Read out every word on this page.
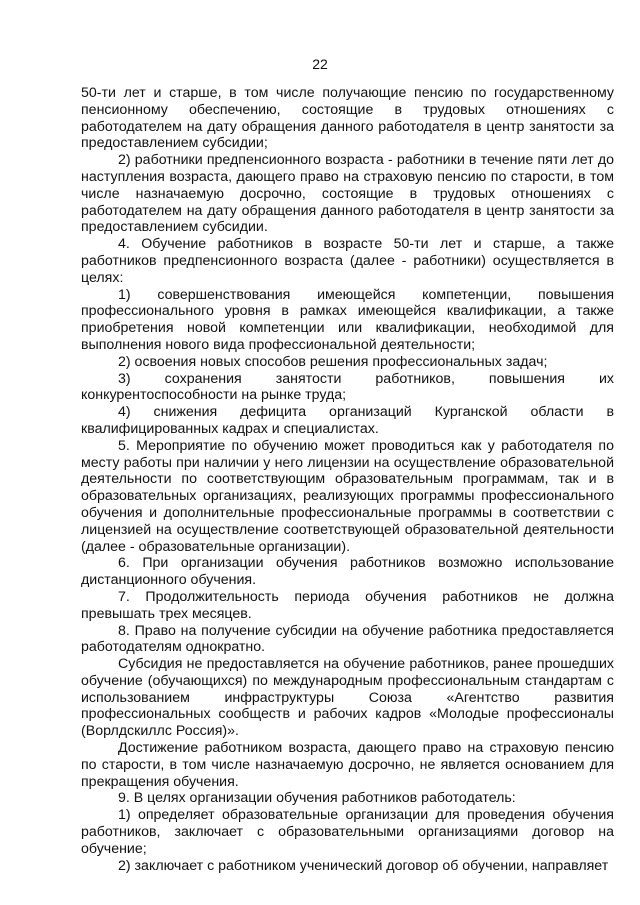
22

50-ти лет и старше, в том числе получающие пенсию по государственному пенсионному обеспечению, состоящие в трудовых отношениях с работодателем на дату обращения данного работодателя в центр занятости за предоставлением субсидии;

2) работники предпенсионного возраста - работники в течение пяти лет до наступления возраста, дающего право на страховую пенсию по старости, в том числе назначаемую досрочно, состоящие в трудовых отношениях с работодателем на дату обращения данного работодателя в центр занятости за предоставлением субсидии.

4. Обучение работников в возрасте 50-ти лет и старше, а также работников предпенсионного возраста (далее - работники) осуществляется в целях:

1) совершенствования имеющейся компетенции, повышения профессионального уровня в рамках имеющейся квалификации, а также приобретения новой компетенции или квалификации, необходимой для выполнения нового вида профессиональной деятельности;

2) освоения новых способов решения профессиональных задач;

3) сохранения занятости работников, повышения их конкурентоспособности на рынке труда;

4) снижения дефицита организаций Курганской области в квалифицированных кадрах и специалистах.

5. Мероприятие по обучению может проводиться как у работодателя по месту работы при наличии у него лицензии на осуществление образовательной деятельности по соответствующим образовательным программам, так и в образовательных организациях, реализующих программы профессионального обучения и дополнительные профессиональные программы в соответствии с лицензией на осуществление соответствующей образовательной деятельности (далее - образовательные организации).

6. При организации обучения работников возможно использование дистанционного обучения.

7. Продолжительность периода обучения работников не должна превышать трех месяцев.

8. Право на получение субсидии на обучение работника предоставляется работодателям однократно.

Субсидия не предоставляется на обучение работников, ранее прошедших обучение (обучающихся) по международным профессиональным стандартам с использованием инфраструктуры Союза «Агентство развития профессиональных сообществ и рабочих кадров «Молодые профессионалы (Ворлдскиллс Россия)».

Достижение работником возраста, дающего право на страховую пенсию по старости, в том числе назначаемую досрочно, не является основанием для прекращения обучения.

9. В целях организации обучения работников работодатель:

1) определяет образовательные организации для проведения обучения работников, заключает с образовательными организациями договор на обучение;

2) заключает с работником ученический договор об обучении, направляет
